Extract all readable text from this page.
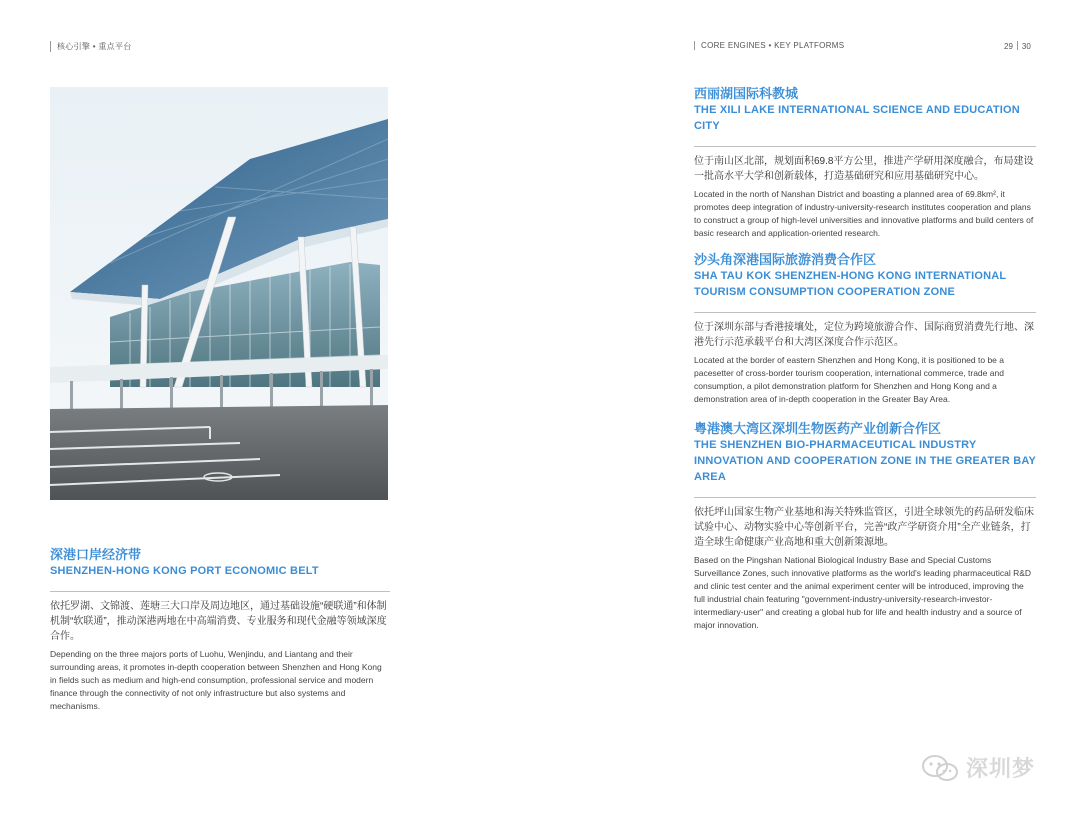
核心引擎 • 重点平台	CORE ENGINES • KEY PLATFORMS	29 30

深港口岸经济带

SHENZHEN-HONG KONG PORT ECONOMIC BELT

依托罗湖、文锦渡、莲塘三大口岸及周边地区，通过基础设施“硬联通”和体制机制“软联通”，推动深港两地在中高端消费、专业服务和现代金融等领域深度合作。

Depending on the three majors ports of Luohu, Wenjindu, and Liantang and their surrounding areas, it promotes in-depth cooperation between Shenzhen and Hong Kong in fields such as medium and high-end consumption, professional service and modern finance through the connectivity of not only infrastructure but also systems and mechanisms.

西丽湖国际科教城

THE XILI LAKE INTERNATIONAL SCIENCE AND EDUCATION CITY

位于南山区北部，规划面积69.8平方公里，推进产学研用深度融合，布局建设一批高水平大学和创新载体，打造基础研究和应用基础研究中心。

Located in the north of Nanshan District and boasting a planned area of 69.8km², it promotes deep integration of industry-university-research institutes cooperation and plans to construct a group of high-level universities and innovative platforms and build centers of basic research and application-oriented research.

沙头角深港国际旅游消费合作区

SHA TAU KOK SHENZHEN-HONG KONG INTERNATIONAL TOURISM CONSUMPTION COOPERATION ZONE

位于深圳东部与香港接壤处，定位为跨境旅游合作、国际商贸消费先行地、深港先行示范承载平台和大湾区深度合作示范区。

Located at the border of eastern Shenzhen and Hong Kong, it is positioned to be a pacesetter of cross-border tourism cooperation, international commerce, trade and consumption, a pilot demonstration platform for Shenzhen and Hong Kong and a demonstration area of in-depth cooperation in the Greater Bay Area.

粤港澳大湾区深圳生物医药产业创新合作区

THE SHENZHEN BIO-PHARMACEUTICAL INDUSTRY INNOVATION AND COOPERATION ZONE IN THE GREATER BAY AREA

依托坪山国家生物产业基地和海关特殊监管区，引进全球领先的药品研发临床试验中心、动物实验中心等创新平台，完善“政产学研资介用”全产业链条，打造全球生命健康产业高地和重大创新策源地。

Based on the Pingshan National Biological Industry Base and Special Customs Surveillance Zones, such innovative platforms as the world's leading pharmaceutical R&D and clinic test center and the animal experiment center will be introduced, improving the full industrial chain featuring "government-industry-university-research-investor-intermediary-user" and creating a global hub for life and health industry and a source of major innovation.

深圳梦
